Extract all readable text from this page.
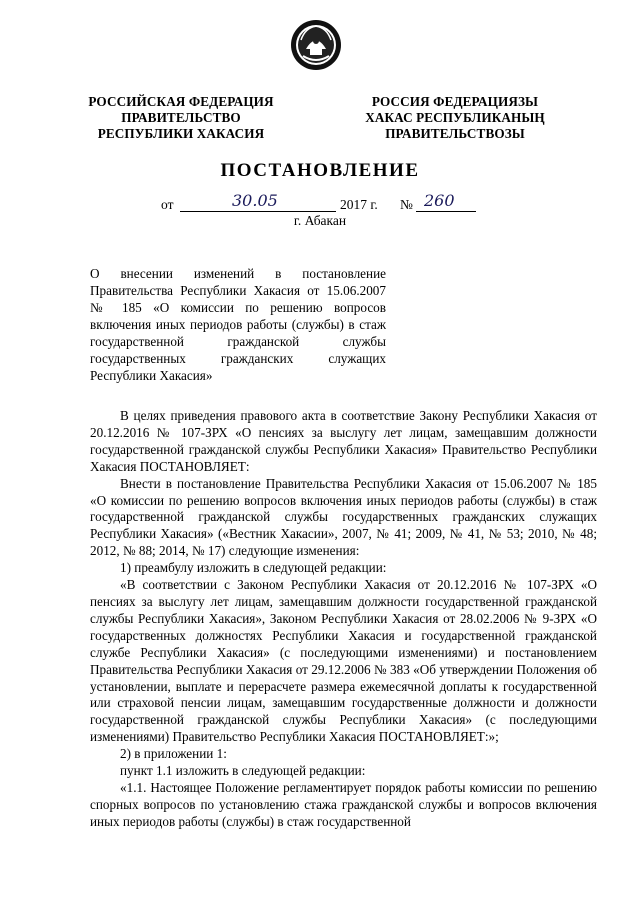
РОССИЙСКАЯ ФЕДЕРАЦИЯ
ПРАВИТЕЛЬСТВО
РЕСПУБЛИКИ ХАКАСИЯ
РОССИЯ ФЕДЕРАЦИЯЗЫ
ХАКАС РЕСПУБЛИКАНЫҢ
ПРАВИТЕЛЬСТВОЗЫ
ПОСТАНОВЛЕНИЕ
от	30.05	2017 г. № 260
г. Абакан
О внесении изменений в постановление Правительства Республики Хакасия от 15.06.2007 № 185 «О комиссии по решению вопросов включения иных периодов работы (службы) в стаж государственной гражданской службы государственных гражданских служащих Республики Хакасия»

В целях приведения правового акта в соответствие Закону Республики Хакасия от 20.12.2016 № 107-ЗРХ «О пенсиях за выслугу лет лицам, замещавшим должности государственной гражданской службы Республики Хакасия» Правительство Республики Хакасия ПОСТАНОВЛЯЕТ:

Внести в постановление Правительства Республики Хакасия от 15.06.2007 № 185 «О комиссии по решению вопросов включения иных периодов работы (службы) в стаж государственной гражданской службы государственных гражданских служащих Республики Хакасия» («Вестник Хакасии», 2007, № 41; 2009, № 41, № 53; 2010, № 48; 2012, № 88; 2014, № 17) следующие изменения:

1) преамбулу изложить в следующей редакции:

«В соответствии с Законом Республики Хакасия от 20.12.2016 № 107-ЗРХ «О пенсиях за выслугу лет лицам, замещавшим должности государственной гражданской службы Республики Хакасия», Законом Республики Хакасия от 28.02.2006 № 9-ЗРХ «О государственных должностях Республики Хакасия и государственной гражданской службе Республики Хакасия» (с последующими изменениями) и постановлением Правительства Республики Хакасия от 29.12.2006 № 383 «Об утверждении Положения об установлении, выплате и перерасчете размера ежемесячной доплаты к государственной или страховой пенсии лицам, замещавшим государственные должности и должности государственной гражданской службы Республики Хакасия» (с последующими изменениями) Правительство Республики Хакасия ПОСТАНОВЛЯЕТ:»;

2) в приложении 1:

пункт 1.1 изложить в следующей редакции:

«1.1. Настоящее Положение регламентирует порядок работы комиссии по решению спорных вопросов по установлению стажа гражданской службы и вопросов включения иных периодов работы (службы) в стаж государственной
